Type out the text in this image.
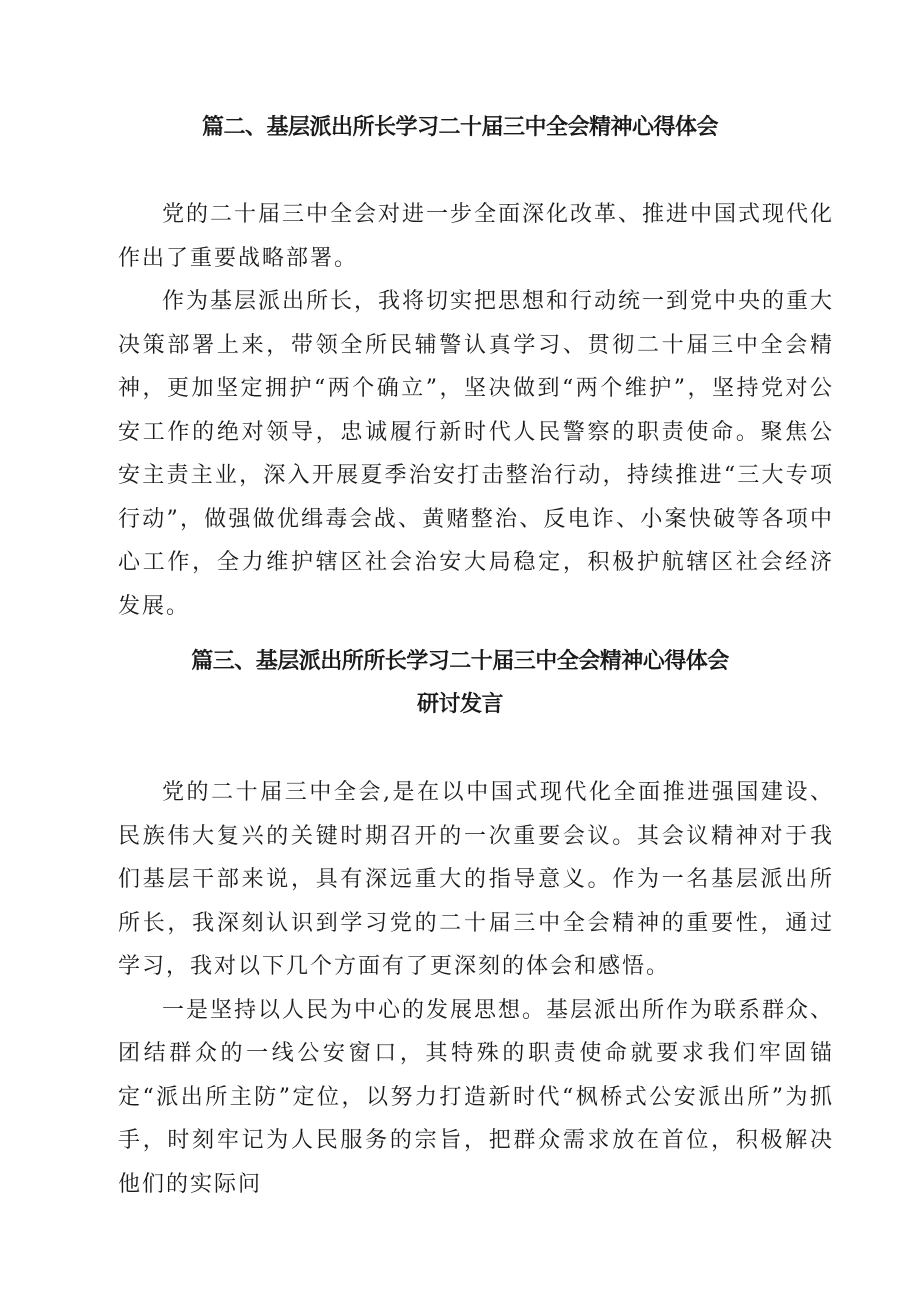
篇二、基层派出所长学习二十届三中全会精神心得体会

党的二十届三中全会对进一步全面深化改革、推进中国式现代化作出了重要战略部署。

作为基层派出所长，我将切实把思想和行动统一到党中央的重大决策部署上来，带领全所民辅警认真学习、贯彻二十届三中全会精神，更加坚定拥护“两个确立”，坚决做到“两个维护”，坚持党对公安工作的绝对领导，忠诚履行新时代人民警察的职责使命。聚焦公安主责主业，深入开展夏季治安打击整治行动，持续推进“三大专项行动”，做强做优缉毒会战、黄赌整治、反电诈、小案快破等各项中心工作，全力维护辖区社会治安大局稳定，积极护航辖区社会经济发展。

篇三、基层派出所所长学习二十届三中全会精神心得体会
研讨发言

党的二十届三中全会,是在以中国式现代化全面推进强国建设、民族伟大复兴的关键时期召开的一次重要会议。其会议精神对于我们基层干部来说，具有深远重大的指导意义。作为一名基层派出所所长，我深刻认识到学习党的二十届三中全会精神的重要性，通过学习，我对以下几个方面有了更深刻的体会和感悟。

一是坚持以人民为中心的发展思想。基层派出所作为联系群众、团结群众的一线公安窗口，其特殊的职责使命就要求我们牢固锚定“派出所主防”定位，以努力打造新时代“枫桥式公安派出所”为抓手，时刻牢记为人民服务的宗旨，把群众需求放在首位，积极解决他们的实际问
